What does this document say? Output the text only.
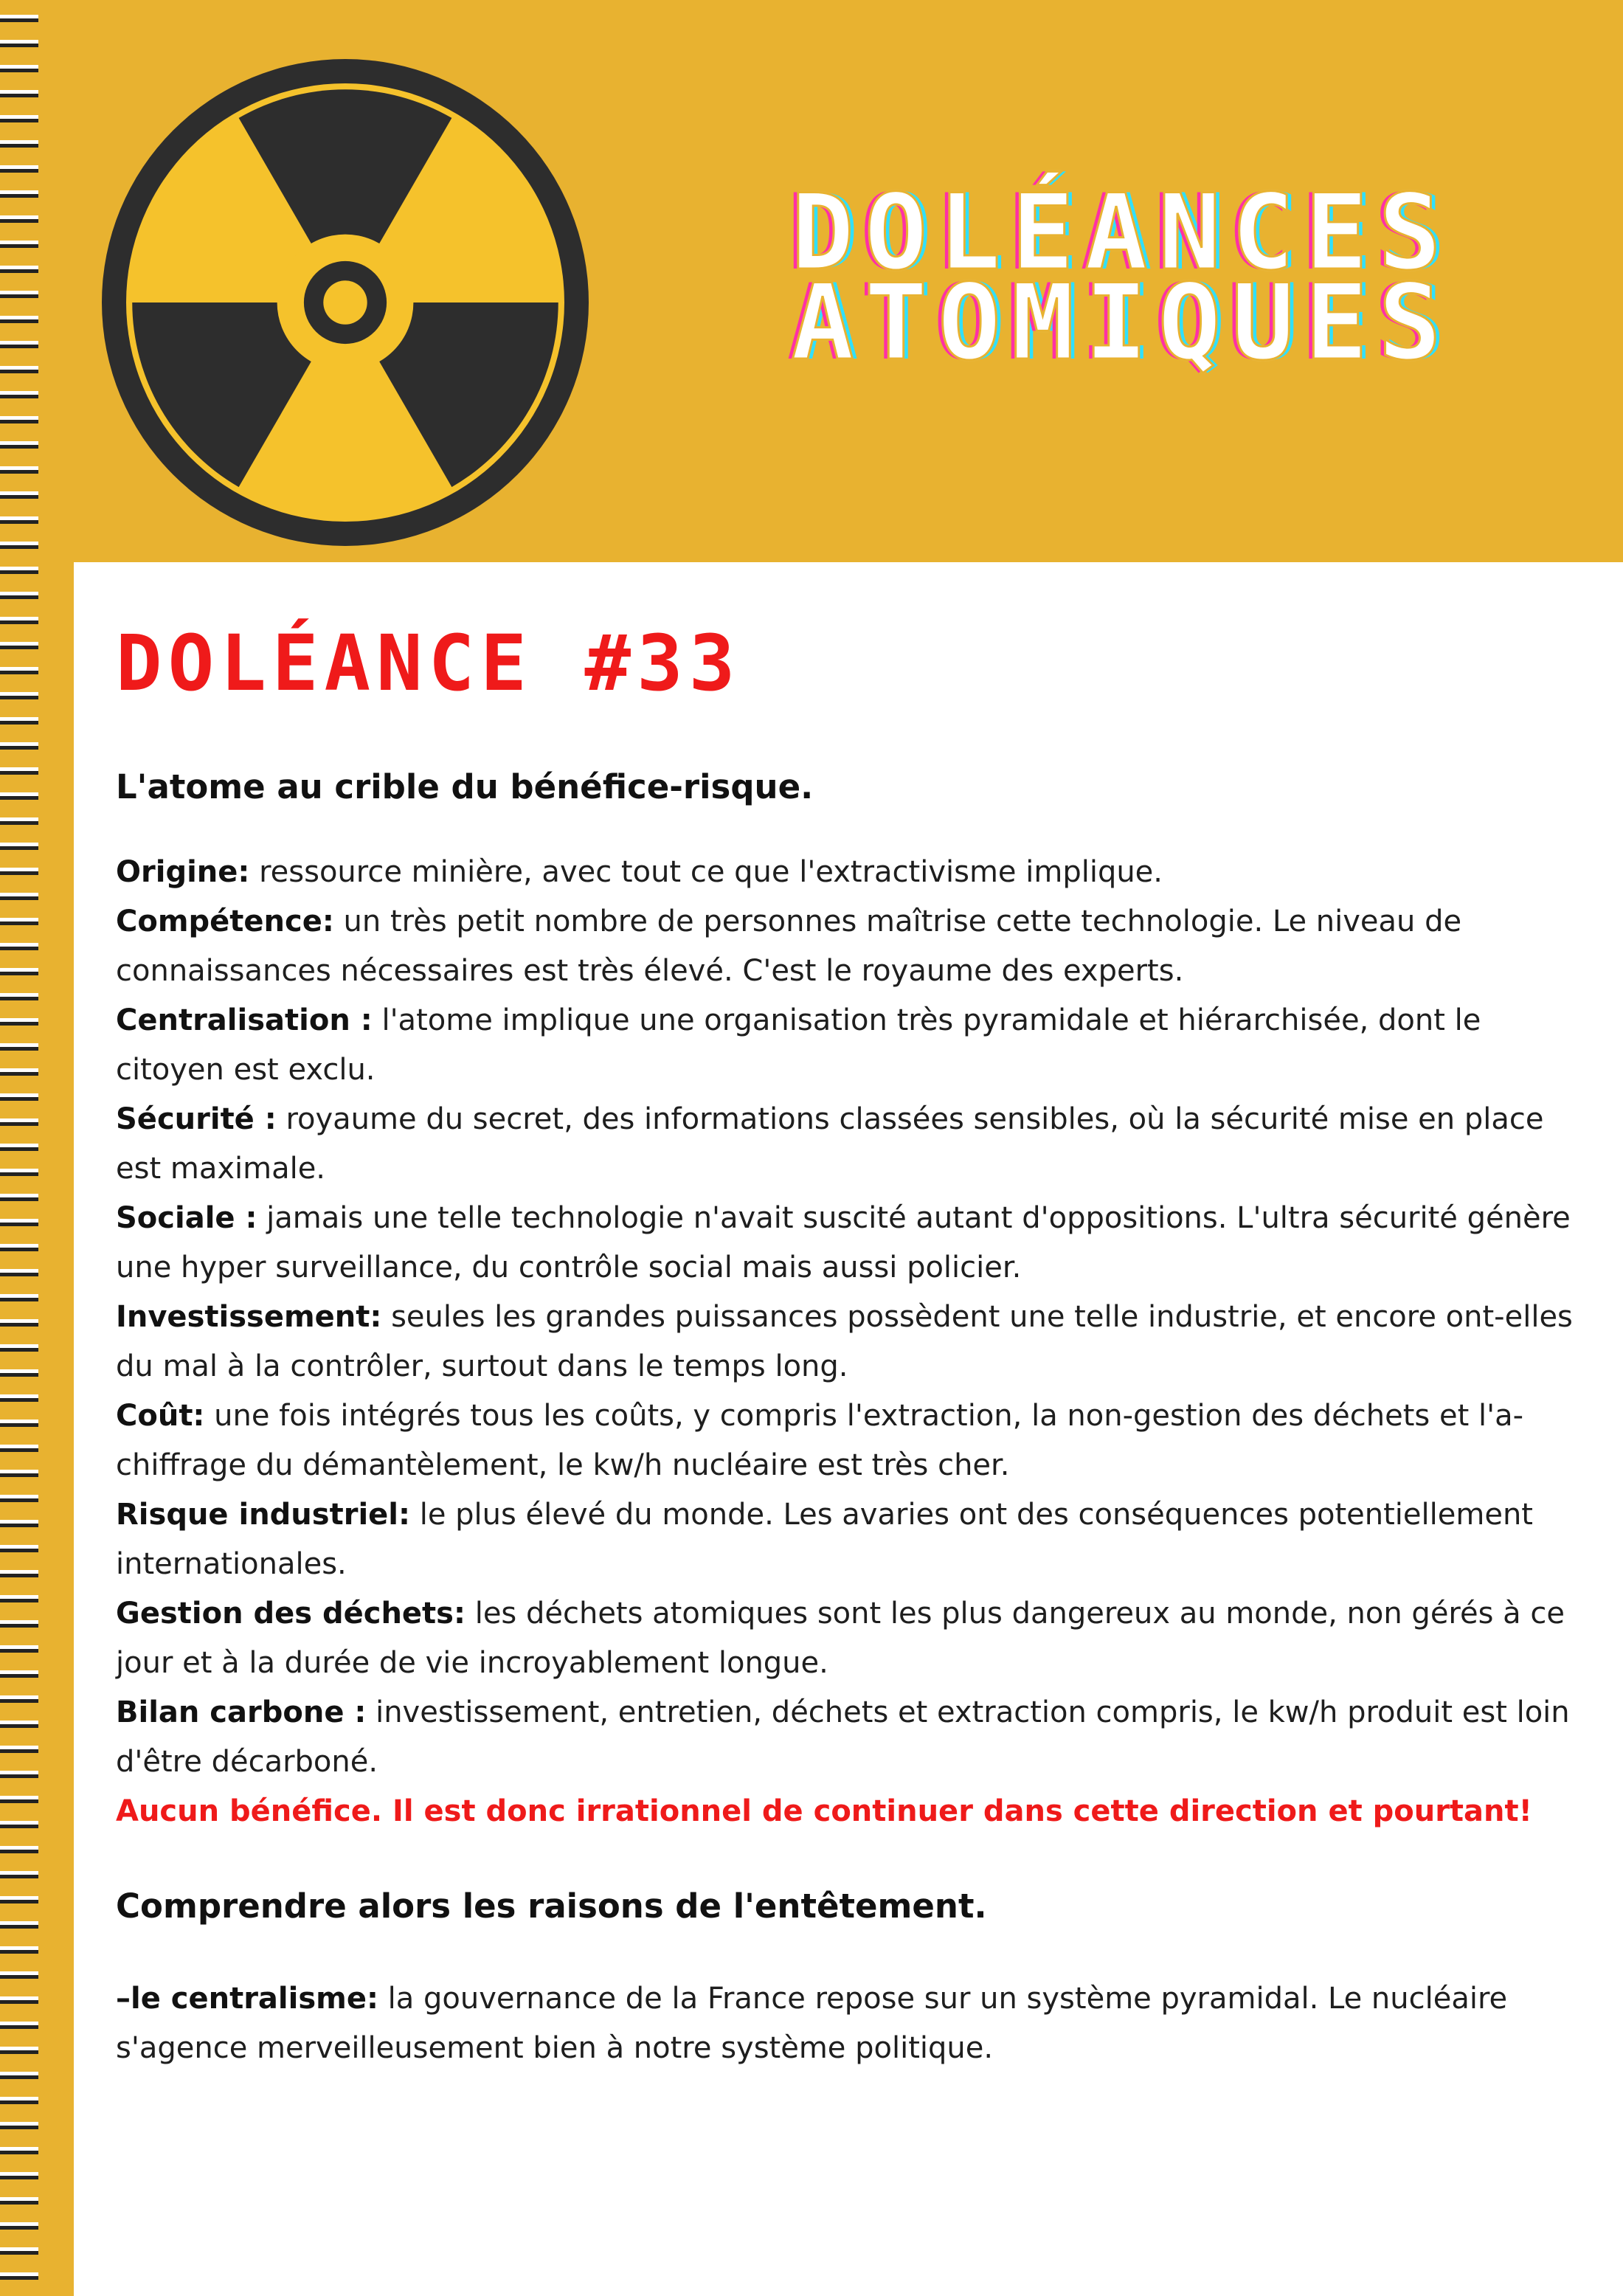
DOLÉANCES
ATOMIQUES
DOLÉANCE #33
L'atome au crible du bénéfice-risque.

Origine: ressource minière, avec tout ce que l'extractivisme implique.

Compétence: un très petit nombre de personnes maîtrise cette technologie. Le niveau de connaissances nécessaires est très élevé. C'est le royaume des experts.

Centralisation : l'atome implique une organisation très pyramidale et hiérarchisée, dont le citoyen est exclu.

Sécurité : royaume du secret, des informations classées sensibles, où la sécurité mise en place est maximale.

Sociale : jamais une telle technologie n'avait suscité autant d'oppositions. L'ultra sécurité génère une hyper surveillance, du contrôle social mais aussi policier.

Investissement: seules les grandes puissances possèdent une telle industrie, et encore ont-elles du mal à la contrôler, surtout dans le temps long.

Coût: une fois intégrés tous les coûts, y compris l'extraction, la non-gestion des déchets et l'a-chiffrage du démantèlement, le kw/h nucléaire est très cher.

Risque industriel: le plus élevé du monde. Les avaries ont des conséquences potentiellement internationales.

Gestion des déchets: les déchets atomiques sont les plus dangereux au monde, non gérés à ce jour et à la durée de vie incroyablement longue.

Bilan carbone : investissement, entretien, déchets et extraction compris, le kw/h produit est loin d'être décarboné.

Aucun bénéfice. Il est donc irrationnel de continuer dans cette direction et pourtant!

Comprendre alors les raisons de l'entêtement.

–le centralisme: la gouvernance de la France repose sur un système pyramidal. Le nucléaire s'agence merveilleusement bien à notre système politique.
